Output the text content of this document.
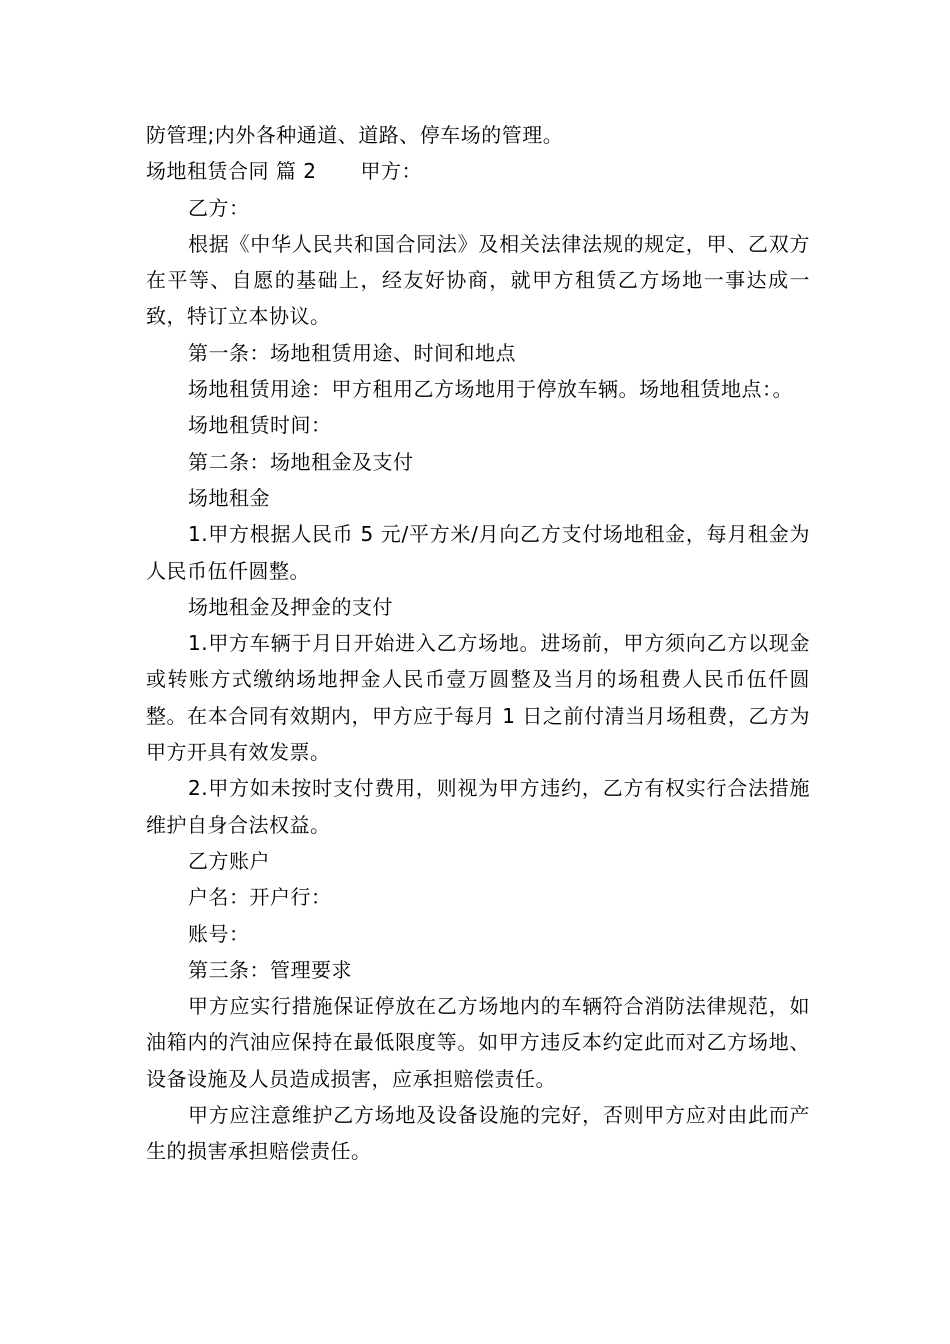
防管理;内外各种通道、道路、停车场的管理。

场地租赁合同 篇 2 甲方：

乙方：

根据《中华人民共和国合同法》及相关法律法规的规定，甲、乙双方在平等、自愿的基础上，经友好协商，就甲方租赁乙方场地一事达成一致，特订立本协议。

第一条：场地租赁用途、时间和地点

场地租赁用途：甲方租用乙方场地用于停放车辆。场地租赁地点：。

场地租赁时间：

第二条：场地租金及支付

场地租金

1.甲方根据人民币 5 元/平方米/月向乙方支付场地租金，每月租金为人民币伍仟圆整。

场地租金及押金的支付

1.甲方车辆于月日开始进入乙方场地。进场前，甲方须向乙方以现金或转账方式缴纳场地押金人民币壹万圆整及当月的场租费人民币伍仟圆整。在本合同有效期内，甲方应于每月 1 日之前付清当月场租费，乙方为甲方开具有效发票。

2.甲方如未按时支付费用，则视为甲方违约，乙方有权实行合法措施维护自身合法权益。

乙方账户

户名：开户行：

账号：

第三条：管理要求

甲方应实行措施保证停放在乙方场地内的车辆符合消防法律规范，如油箱内的汽油应保持在最低限度等。如甲方违反本约定此而对乙方场地、设备设施及人员造成损害，应承担赔偿责任。

甲方应注意维护乙方场地及设备设施的完好，否则甲方应对由此而产生的损害承担赔偿责任。
